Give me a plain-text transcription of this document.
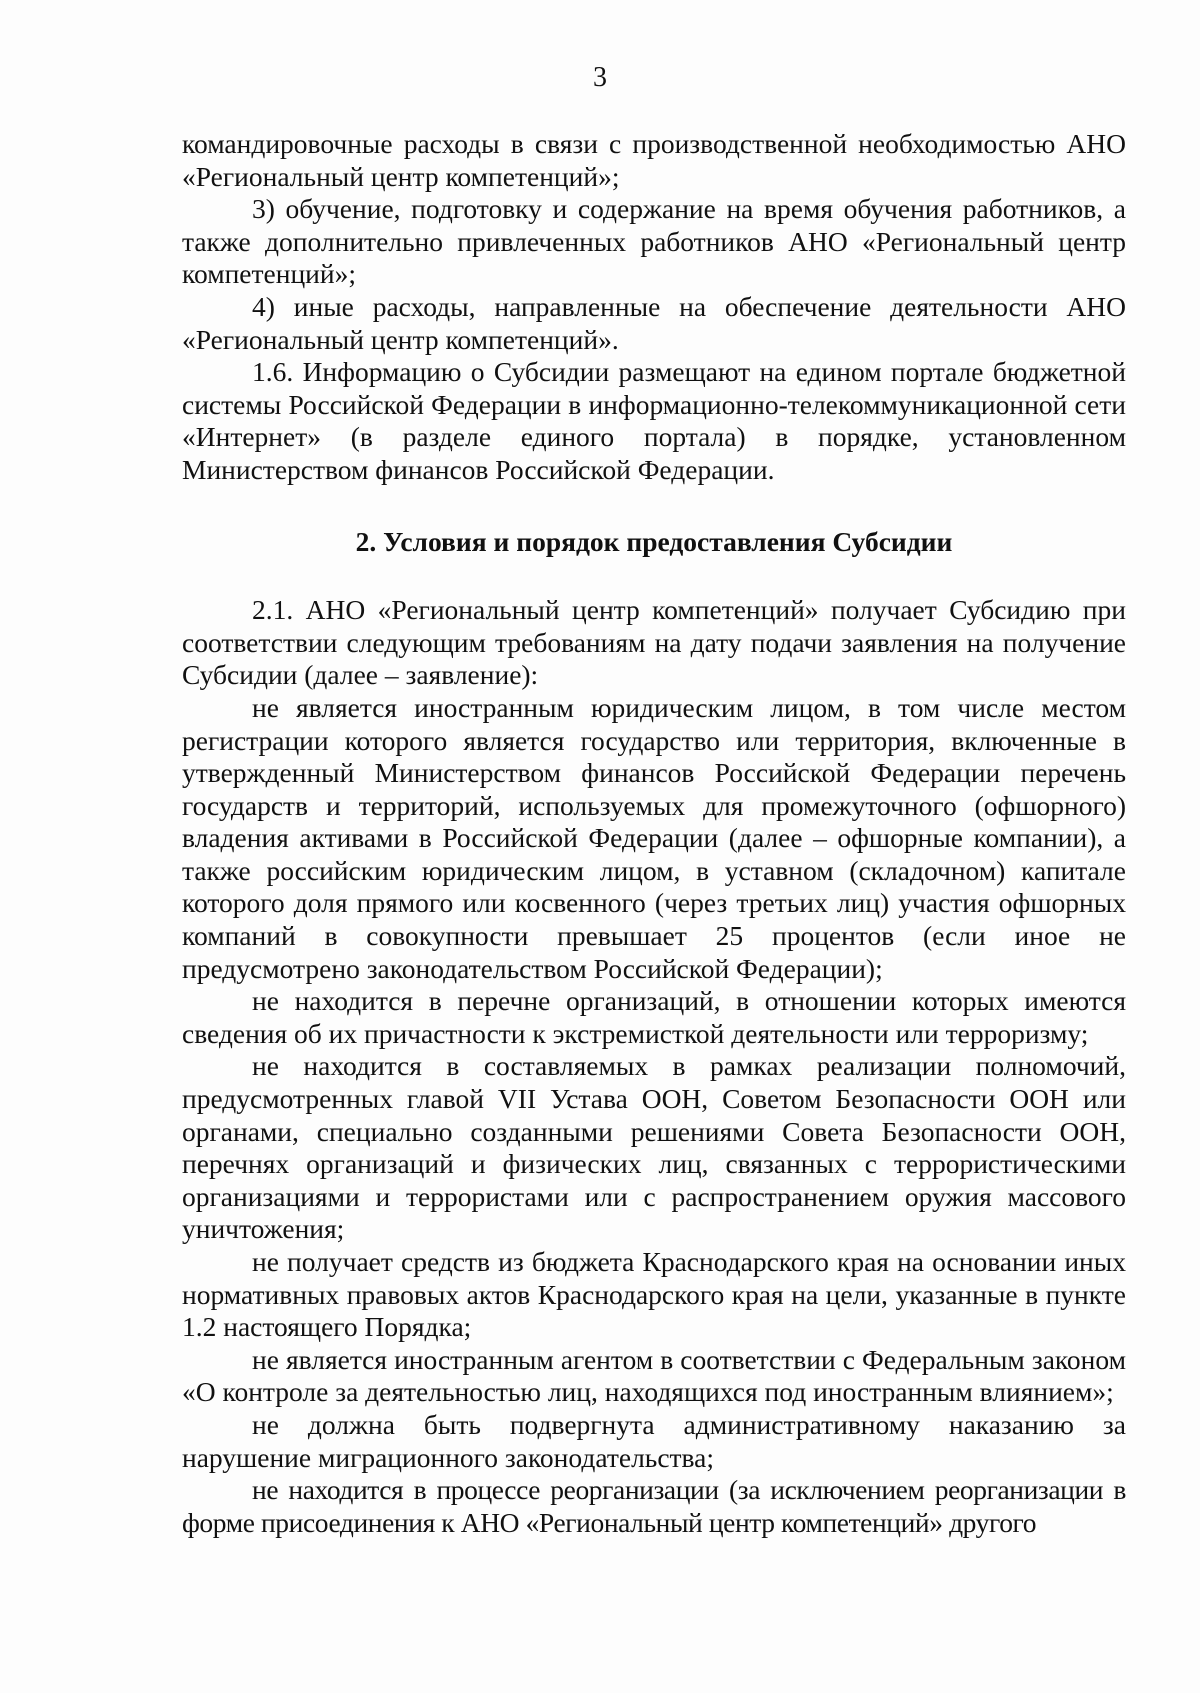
3

командировочные расходы в связи с производственной необходимостью АНО «Региональный центр компетенций»;

3) обучение, подготовку и содержание на время обучения работников, а также дополнительно привлеченных работников АНО «Региональный центр компетенций»;

4) иные расходы, направленные на обеспечение деятельности АНО «Региональный центр компетенций».

1.6. Информацию о Субсидии размещают на едином портале бюджетной системы Российской Федерации в информационно-телекоммуникационной сети «Интернет» (в разделе единого портала) в порядке, установленном Министерством финансов Российской Федерации.

2. Условия и порядок предоставления Субсидии

2.1. АНО «Региональный центр компетенций» получает Субсидию при соответствии следующим требованиям на дату подачи заявления на получение Субсидии (далее – заявление):

не является иностранным юридическим лицом, в том числе местом регистрации которого является государство или территория, включенные в утвержденный Министерством финансов Российской Федерации перечень государств и территорий, используемых для промежуточного (офшорного) владения активами в Российской Федерации (далее – офшорные компании), а также российским юридическим лицом, в уставном (складочном) капитале которого доля прямого или косвенного (через третьих лиц) участия офшорных компаний в совокупности превышает 25 процентов (если иное не предусмотрено законодательством Российской Федерации);

не находится в перечне организаций, в отношении которых имеются сведения об их причастности к экстремисткой деятельности или терроризму;

не находится в составляемых в рамках реализации полномочий, предусмотренных главой VII Устава ООН, Советом Безопасности ООН или органами, специально созданными решениями Совета Безопасности ООН, перечнях организаций и физических лиц, связанных с террористическими организациями и террористами или с распространением оружия массового уничтожения;

не получает средств из бюджета Краснодарского края на основании иных нормативных правовых актов Краснодарского края на цели, указанные в пункте 1.2 настоящего Порядка;

не является иностранным агентом в соответствии с Федеральным законом «О контроле за деятельностью лиц, находящихся под иностранным влиянием»;

не должна быть подвергнута административному наказанию за нарушение миграционного законодательства;

не находится в процессе реорганизации (за исключением реорганизации в форме присоединения к АНО «Региональный центр компетенций» другого
